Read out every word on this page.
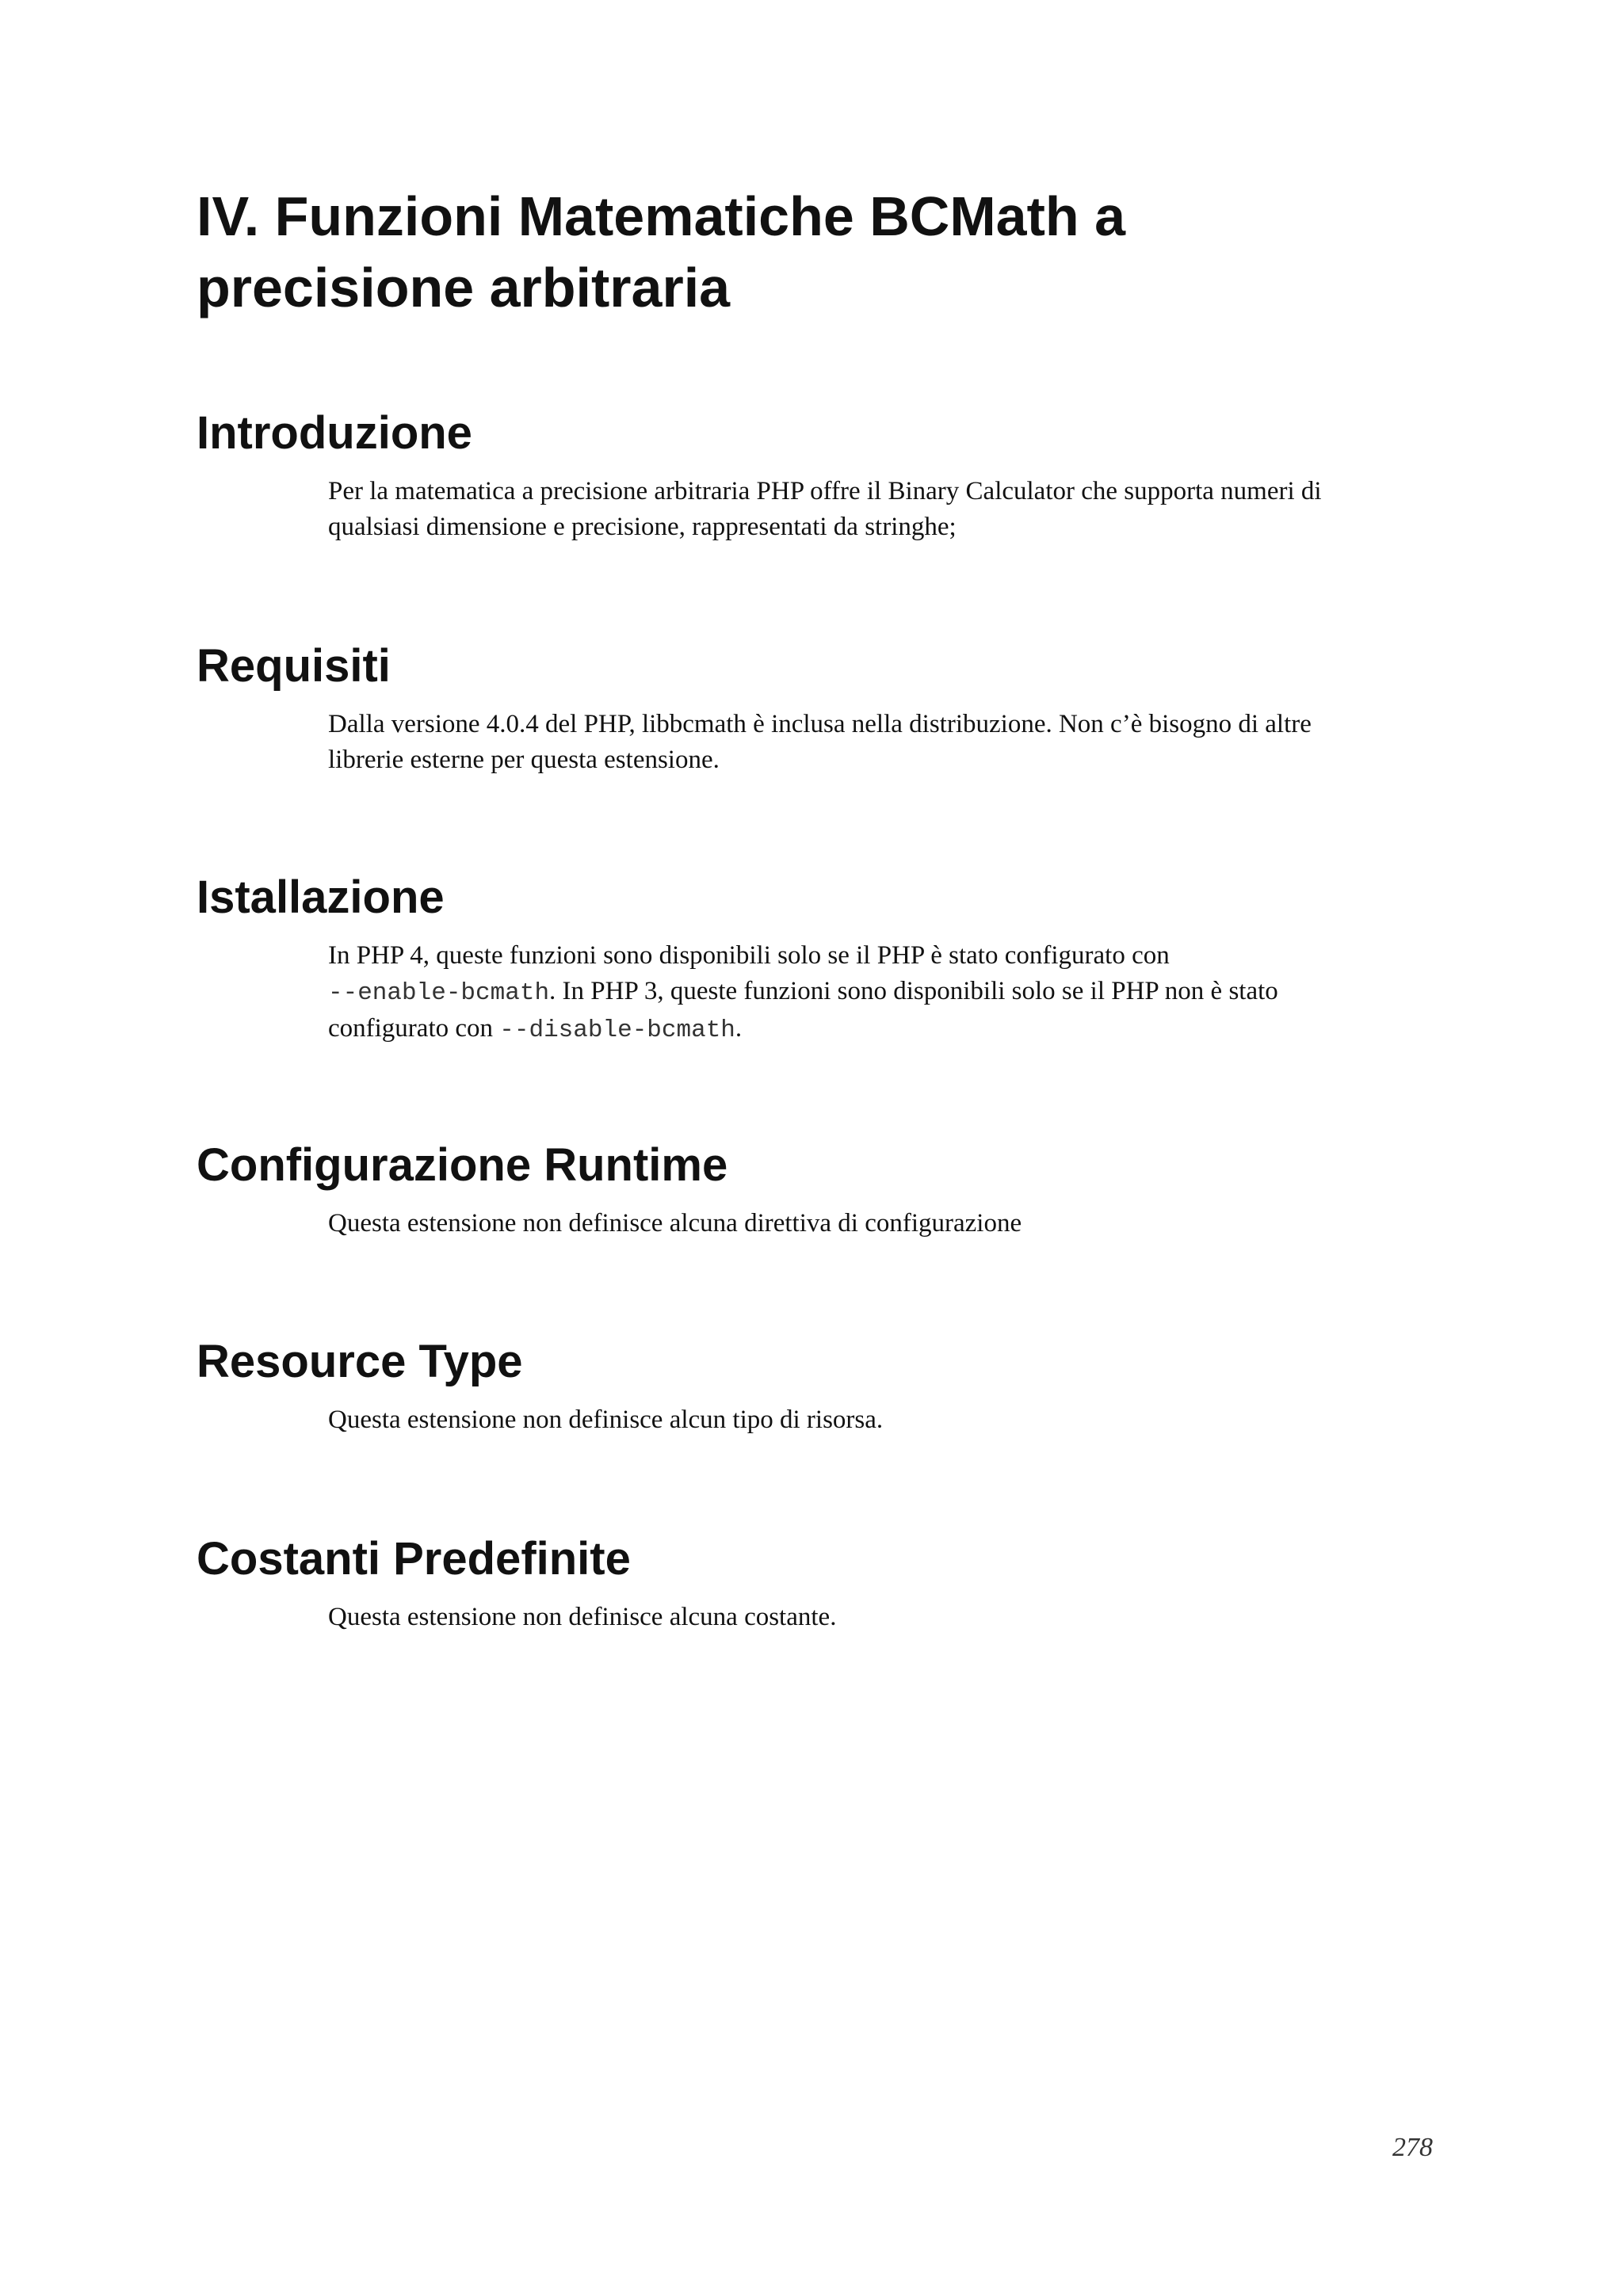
IV. Funzioni Matematiche BCMath a
precisione arbitraria
Introduzione

Per la matematica a precisione arbitraria PHP offre il Binary Calculator che supporta numeri di
qualsiasi dimensione e precisione, rappresentati da stringhe;

Requisiti

Dalla versione 4.0.4 del PHP, libbcmath è inclusa nella distribuzione. Non c’è bisogno di altre
librerie esterne per questa estensione.

Istallazione

In PHP 4, queste funzioni sono disponibili solo se il PHP è stato configurato con
--enable-bcmath. In PHP 3, queste funzioni sono disponibili solo se il PHP non è stato
configurato con --disable-bcmath.

Configurazione Runtime

Questa estensione non definisce alcuna direttiva di configurazione

Resource Type

Questa estensione non definisce alcun tipo di risorsa.

Costanti Predefinite

Questa estensione non definisce alcuna costante.

278
